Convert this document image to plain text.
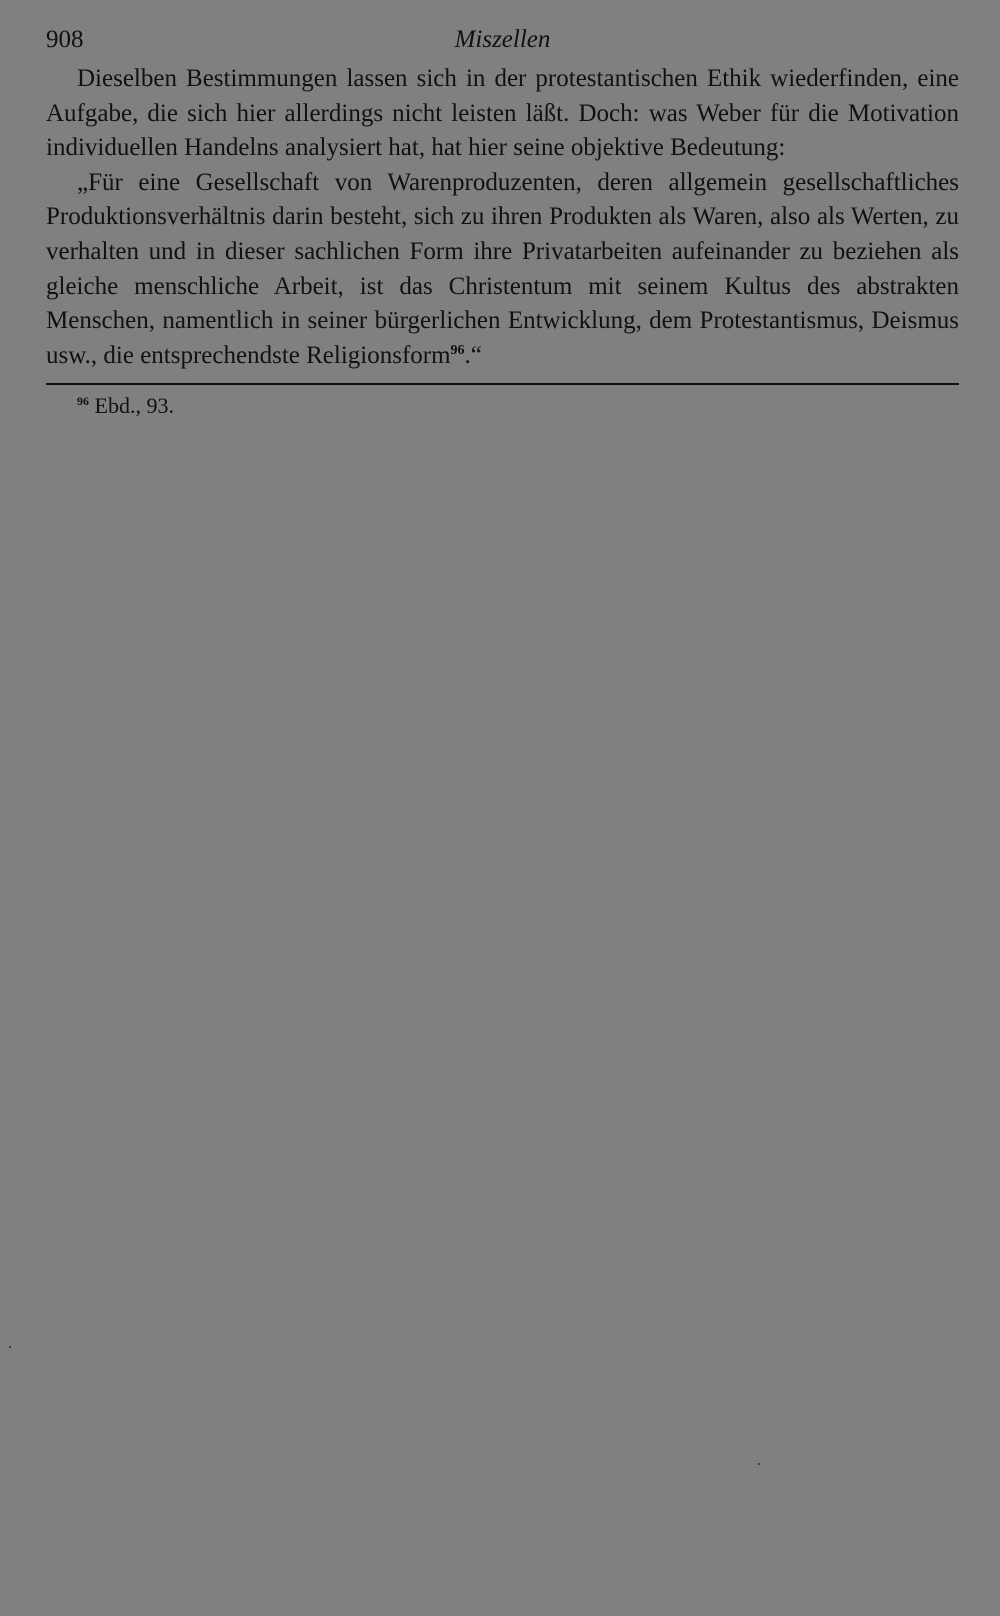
908	Miszellen

Dieselben Bestimmungen lassen sich in der protestantischen Ethik wiederfinden, eine Aufgabe, die sich hier allerdings nicht leisten läßt. Doch: was Weber für die Motivation individuellen Handelns analysiert hat, hat hier seine objektive Bedeutung:

„Für eine Gesellschaft von Warenproduzenten, deren allgemein gesellschaftliches Produktionsverhältnis darin besteht, sich zu ihren Produkten als Waren, also als Werten, zu verhalten und in dieser sachlichen Form ihre Privatarbeiten aufeinander zu beziehen als gleiche menschliche Arbeit, ist das Christentum mit seinem Kultus des abstrakten Menschen, namentlich in seiner bürgerlichen Entwicklung, dem Protestantismus, Deismus usw., die entsprechendste Religionsform$^{96}$.“

$^{96}$ Ebd., 93.
